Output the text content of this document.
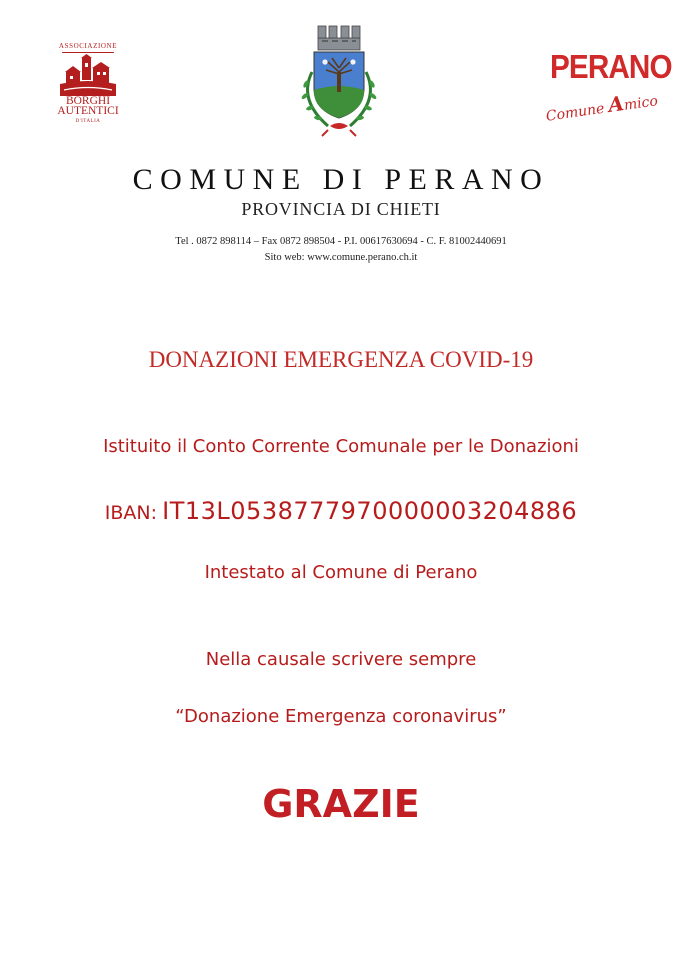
ASSOCIAZIONE
BORGHI
AUTENTICI
D'ITALIA
PERANO
Comune Amico
COMUNE DI PERANO
PROVINCIA DI CHIETI
Tel . 0872 898114 – Fax 0872 898504 - P.I. 00617630694 - C. F. 81002440691
Sito web: www.comune.perano.ch.it
DONAZIONI EMERGENZA COVID-19
Istituito il Conto Corrente Comunale per le Donazioni
IBAN: IT13L0538777970000003204886
Intestato al Comune di Perano
Nella causale scrivere sempre
“Donazione Emergenza coronavirus”
GRAZIE
